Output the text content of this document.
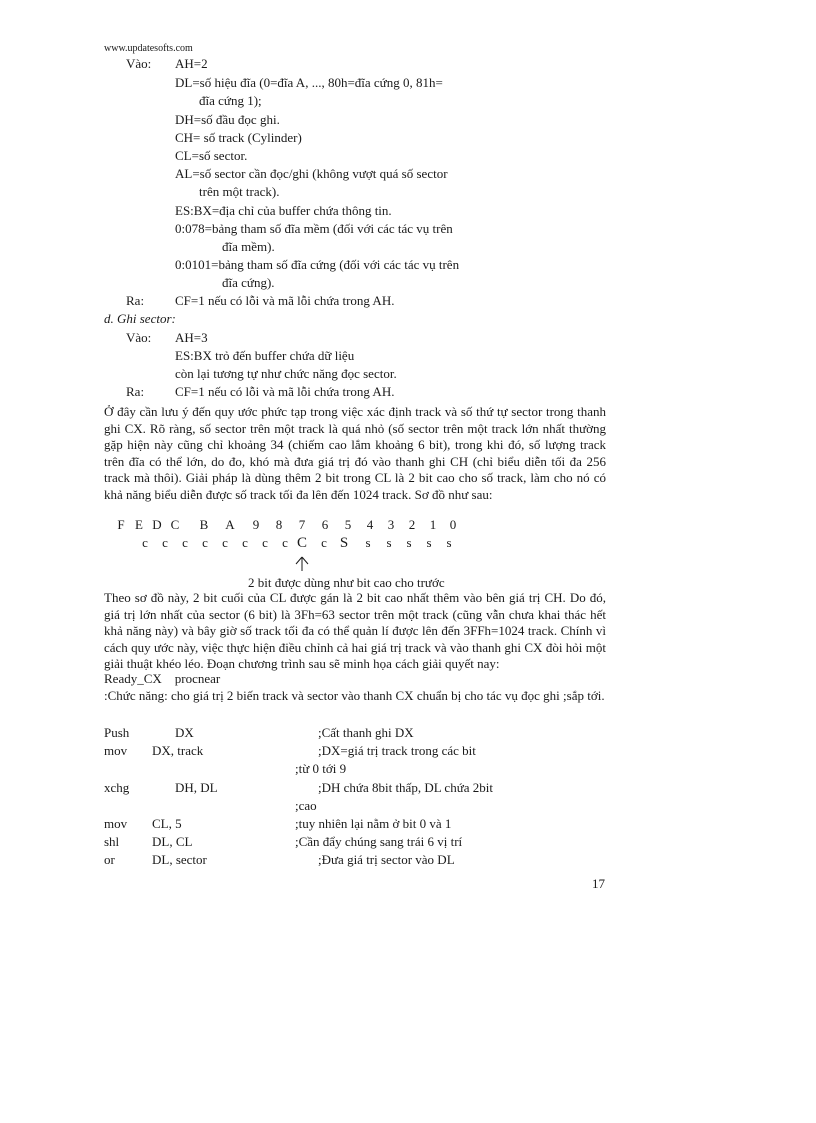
www.updatesofts.com
Vào: AH=2
DL=số hiệu đĩa (0=đĩa A, ..., 80h=đĩa cứng 0, 81h=
đĩa cứng 1);
DH=số đầu đọc ghi.
CH= số track (Cylinder)
CL=số sector.
AL=số sector cần đọc/ghi (không vượt quá số sector
trên một track).
ES:BX=địa chỉ của buffer chứa thông tin.
0:078=bảng tham số đĩa mềm (đối với các tác vụ trên
đĩa mềm).
0:0101=bảng tham số đĩa cứng (đối với các tác vụ trên
đĩa cứng).
Ra: CF=1 nếu có lỗi và mã lỗi chứa trong AH.
d. Ghi sector:
Vào: AH=3
ES:BX trỏ đến buffer chứa dữ liệu
còn lại tương tự như chức năng đọc sector.
Ra: CF=1 nếu có lỗi và mã lỗi chứa trong AH.
Ở đây cần lưu ý đến quy ước phức tạp trong việc xác định track và số thứ tự sector trong thanh ghi CX. Rõ ràng, số sector trên một track là quá nhỏ (số sector trên một track lớn nhất thường gặp hiện này cũng chỉ khoảng 34 (chiếm cao lắm khoảng 6 bit), trong khi đó, số lượng track trên đĩa có thể lớn, do đo, khó mà đưa giá trị đó vào thanh ghi CH (chỉ biểu diễn tối đa 256 track mà thôi). Giải pháp là dùng thêm 2 bit trong CL là 2 bit cao cho số track, làm cho nó có khả năng biểu diễn được số track tối đa lên đến 1024 track. Sơ đồ như sau:
F E D C B A 9 8 7 6 5 4 3 2 1 0
c	c	c	c	c	c	c	c C	c S	s	s	s	s	s
2 bit được dùng như bit cao cho trước
Theo sơ đồ này, 2 bit cuối của CL được gán là 2 bit cao nhất thêm vào bên giá trị CH. Do đó, giá trị lớn nhất của sector (6 bit) là 3Fh=63 sector trên một track (cũng vẫn chưa khai thác hết khả năng này) và bây giờ số track tối đa có thể quản lí được lên đến 3FFh=1024 track. Chính vì cách quy ước này, việc thực hiện điều chỉnh cả hai giá trị track và vào thanh ghi CX đòi hỏi một giải thuật khéo léo. Đoạn chương trình sau sẽ minh họa cách giải quyết nay:
Ready_CX    procnear
:Chức năng: cho giá trị 2 biến track và sector vào thanh CX chuẩn bị cho tác vụ đọc ghi ;sắp tới.
Push	DX	;Cất thanh ghi DX
mov DX, track	;DX=giá trị track trong các bit
;từ 0 tới 9
xchg	DH, DL	;DH chứa 8bit thấp, DL chứa 2bit
;cao
mov CL, 5	;tuy nhiên lại nằm ở bit 0 và 1
shl	DL, CL	;Cần đẩy chúng sang trái 6 vị trí
or	DL, sector	;Đưa giá trị sector vào DL
17
